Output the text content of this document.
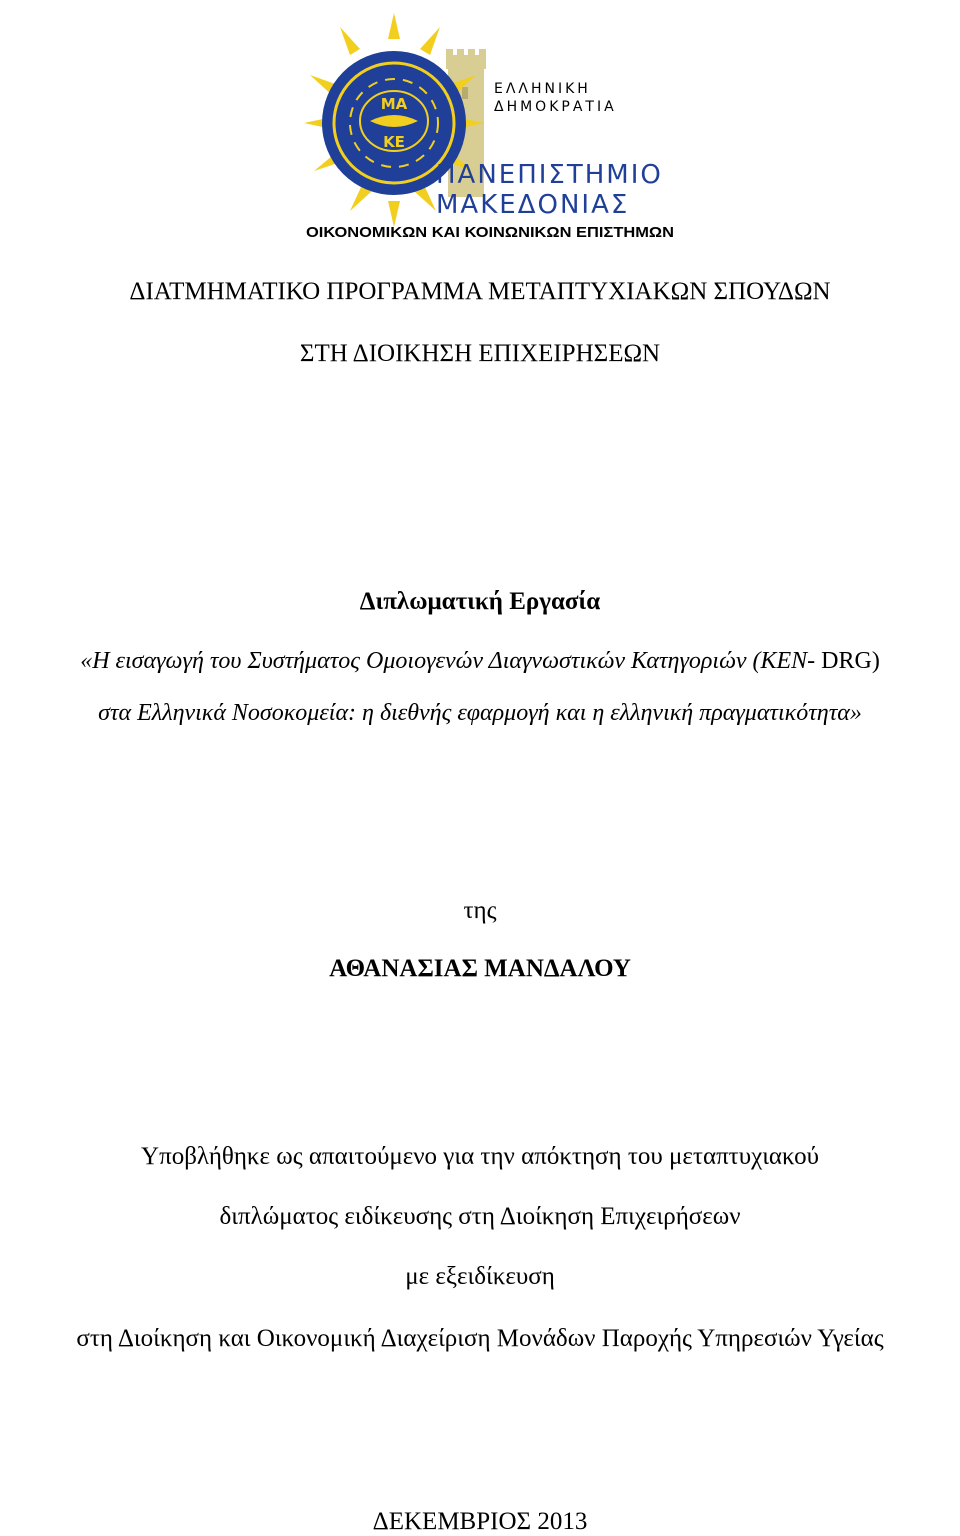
ΜΑ
ΚΕ
ΕΛΛΗΝΙΚΗ
ΔΗΜΟΚΡΑΤΙΑ
ΠΑΝΕΠΙΣΤΗΜΙΟ
ΜΑΚΕΔΟΝΙΑΣ
ΟΙΚΟΝΟΜΙΚΩΝ ΚΑΙ ΚΟΙΝΩΝΙΚΩΝ ΕΠΙΣΤΗΜΩΝ
ΔΙΑΤΜΗΜΑΤΙΚΟ ΠΡΟΓΡΑΜΜΑ ΜΕΤΑΠΤΥΧΙΑΚΩΝ ΣΠΟΥΔΩΝ
ΣΤΗ ΔΙΟΙΚΗΣΗ ΕΠΙΧΕΙΡΗΣΕΩΝ
Διπλωματική Εργασία
«Η εισαγωγή του Συστήματος Ομοιογενών Διαγνωστικών Κατηγοριών (ΚΕΝ- DRG)
στα Ελληνικά Νοσοκομεία: η διεθνής εφαρμογή και η ελληνική πραγματικότητα»
της
ΑΘΑΝΑΣΙΑΣ ΜΑΝΔΑΛΟΥ
Υποβλήθηκε ως απαιτούμενο για την απόκτηση του μεταπτυχιακού
διπλώματος ειδίκευσης στη Διοίκηση Επιχειρήσεων
με εξειδίκευση
στη Διοίκηση και Οικονομική Διαχείριση Μονάδων Παροχής Υπηρεσιών Υγείας
ΔΕΚΕΜΒΡΙΟΣ 2013
